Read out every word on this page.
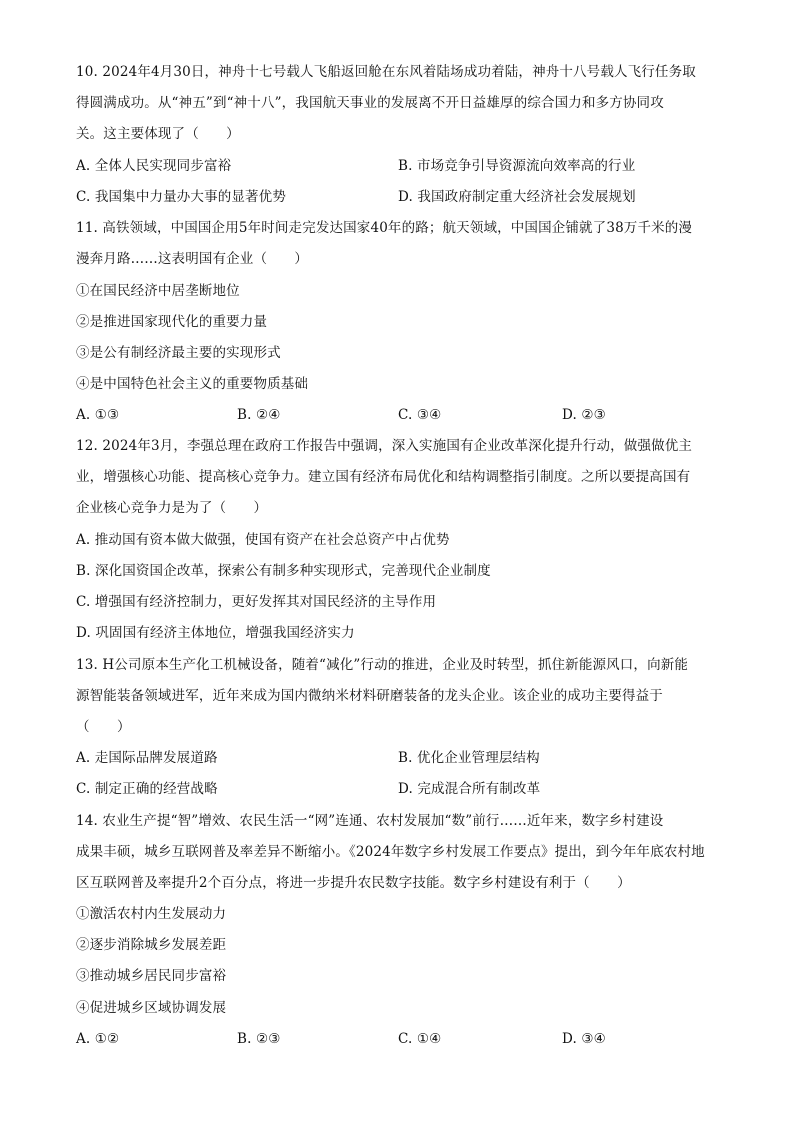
10. 2024年4月30日，神舟十七号载人飞船返回舱在东风着陆场成功着陆，神舟十八号载人飞行任务取
得圆满成功。从“神五”到“神十八”，我国航天事业的发展离不开日益雄厚的综合国力和多方协同攻
关。这主要体现了（　　）
A. 全体人民实现同步富裕	B. 市场竞争引导资源流向效率高的行业
C. 我国集中力量办大事的显著优势	D. 我国政府制定重大经济社会发展规划
11. 高铁领域，中国国企用5年时间走完发达国家40年的路；航天领域，中国国企铺就了38万千米的漫
漫奔月路……这表明国有企业（　　）
①在国民经济中居垄断地位
②是推进国家现代化的重要力量
③是公有制经济最主要的实现形式
④是中国特色社会主义的重要物质基础
A. ①③	B. ②④	C. ③④	D. ②③
12. 2024年3月，李强总理在政府工作报告中强调，深入实施国有企业改革深化提升行动，做强做优主
业，增强核心功能、提高核心竞争力。建立国有经济布局优化和结构调整指引制度。之所以要提高国有
企业核心竞争力是为了（　　）
A. 推动国有资本做大做强，使国有资产在社会总资产中占优势
B. 深化国资国企改革，探索公有制多种实现形式，完善现代企业制度
C. 增强国有经济控制力，更好发挥其对国民经济的主导作用
D. 巩固国有经济主体地位，增强我国经济实力
13. H公司原本生产化工机械设备，随着“减化”行动的推进，企业及时转型，抓住新能源风口，向新能
源智能装备领域进军，近年来成为国内微纳米材料研磨装备的龙头企业。该企业的成功主要得益于
（　　）
A. 走国际品牌发展道路	B. 优化企业管理层结构
C. 制定正确的经营战略	D. 完成混合所有制改革
14. 农业生产提“智”增效、农民生活一“网”连通、农村发展加“数”前行……近年来，数字乡村建设
成果丰硕，城乡互联网普及率差异不断缩小。《2024年数字乡村发展工作要点》提出，到今年年底农村地
区互联网普及率提升2个百分点，将进一步提升农民数字技能。数字乡村建设有利于（　　）
①激活农村内生发展动力
②逐步消除城乡发展差距
③推动城乡居民同步富裕
④促进城乡区域协调发展
A. ①②	B. ②③	C. ①④	D. ③④
